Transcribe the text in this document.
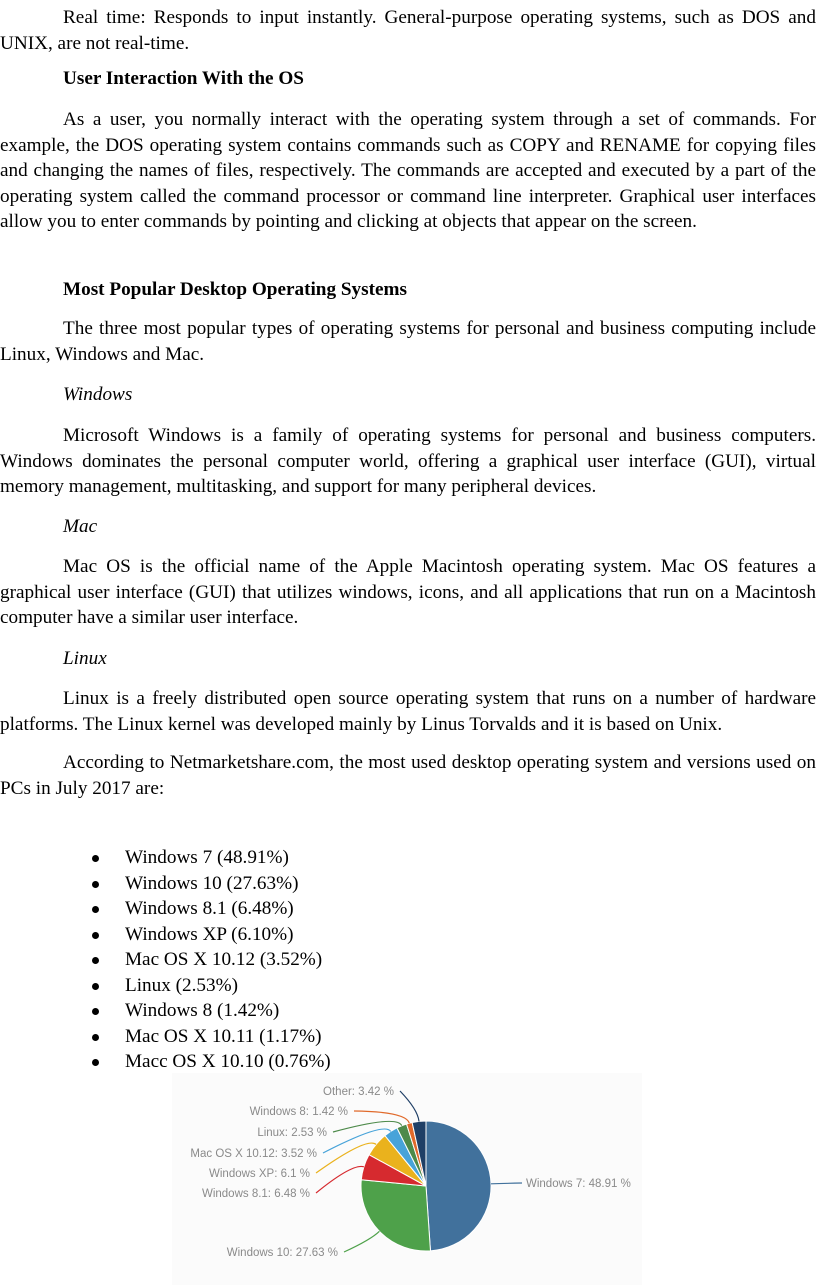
Real time: Responds to input instantly. General-purpose operating systems, such as DOS and UNIX, are not real-time.

User Interaction With the OS

As a user, you normally interact with the operating system through a set of commands. For example, the DOS operating system contains commands such as COPY and RENAME for copying files and changing the names of files, respectively. The commands are accepted and executed by a part of the operating system called the command processor or command line interpreter. Graphical user interfaces allow you to enter commands by pointing and clicking at objects that appear on the screen.

Most Popular Desktop Operating Systems

The three most popular types of operating systems for personal and business computing include Linux, Windows and Mac.

Windows

Microsoft Windows is a family of operating systems for personal and business computers. Windows dominates the personal computer world, offering a graphical user interface (GUI), virtual memory management, multitasking, and support for many peripheral devices.

Mac

Mac OS is the official name of the Apple Macintosh operating system. Mac OS features a graphical user interface (GUI) that utilizes windows, icons, and all applications that run on a Macintosh computer have a similar user interface.

Linux

Linux is a freely distributed open source operating system that runs on a number of hardware platforms. The Linux kernel was developed mainly by Linus Torvalds and it is based on Unix.

According to Netmarketshare.com, the most used desktop operating system and versions used on PCs in July 2017 are:

Windows 7 (48.91%)
Windows 10 (27.63%)
Windows 8.1 (6.48%)
Windows XP (6.10%)
Mac OS X 10.12 (3.52%)
Linux (2.53%)
Windows 8 (1.42%)
Mac OS X 10.11 (1.17%)
Macc OS X 10.10 (0.76%)
Windows 7: 48.91 %
Windows 10: 27.63 %
Windows 8.1: 6.48 %
Windows XP: 6.1 %
Mac OS X 10.12: 3.52 %
Linux: 2.53 %
Windows 8: 1.42 %
Other: 3.42 %
